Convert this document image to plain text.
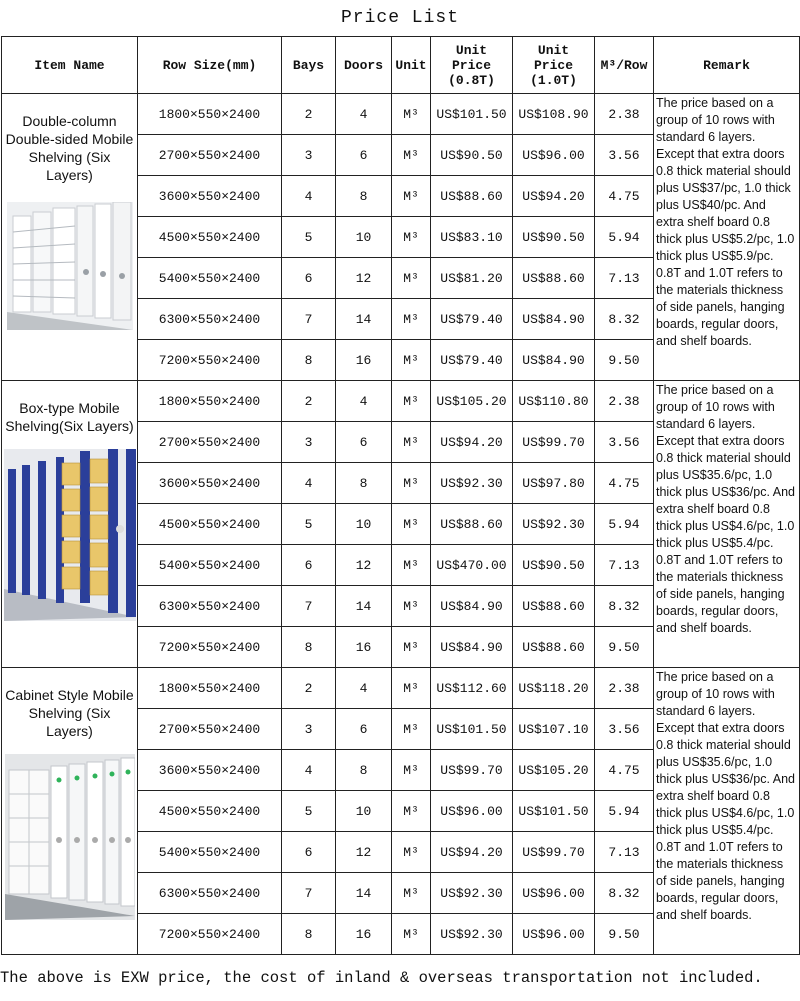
Price List
Item Name	Row Size(mm)	Bays	Doors	Unit	Unit
Price
(0.8T)	Unit
Price
(1.0T)	M³/Row	Remark

Double-column Double-sided Mobile Shelving (Six Layers)	1800×550×2400	2	4	M³	US$101.50	US$108.90	2.38	The price based on a group of 10 rows with standard 6 layers. Except that extra doors 0.8 thick material should plus US$37/pc, 1.0 thick plus US$40/pc. And extra shelf board 0.8 thick plus US$5.2/pc, 1.0 thick plus US$5.9/pc. 0.8T and 1.0T refers to the materials thickness of side panels, hanging boards, regular doors, and shelf boards.
	2700×550×2400	3	6	M³	US$90.50	US$96.00	3.56	
	3600×550×2400	4	8	M³	US$88.60	US$94.20	4.75	
	4500×550×2400	5	10	M³	US$83.10	US$90.50	5.94	
	5400×550×2400	6	12	M³	US$81.20	US$88.60	7.13	
	6300×550×2400	7	14	M³	US$79.40	US$84.90	8.32	
	7200×550×2400	8	16	M³	US$79.40	US$84.90	9.50	

Box-type Mobile Shelving(Six Layers)	1800×550×2400	2	4	M³	US$105.20	US$110.80	2.38	The price based on a group of 10 rows with standard 6 layers. Except that extra doors 0.8 thick material should plus US$35.6/pc, 1.0 thick plus US$36/pc. And extra shelf board 0.8 thick plus US$4.6/pc, 1.0 thick plus US$5.4/pc. 0.8T and 1.0T refers to the materials thickness of side panels, hanging boards, regular doors, and shelf boards.
	2700×550×2400	3	6	M³	US$94.20	US$99.70	3.56	
	3600×550×2400	4	8	M³	US$92.30	US$97.80	4.75	
	4500×550×2400	5	10	M³	US$88.60	US$92.30	5.94	
	5400×550×2400	6	12	M³	US$470.00	US$90.50	7.13	
	6300×550×2400	7	14	M³	US$84.90	US$88.60	8.32	
	7200×550×2400	8	16	M³	US$84.90	US$88.60	9.50	

Cabinet Style Mobile Shelving (Six Layers)	1800×550×2400	2	4	M³	US$112.60	US$118.20	2.38	The price based on a group of 10 rows with standard 6 layers. Except that extra doors 0.8 thick material should plus US$35.6/pc, 1.0 thick plus US$36/pc. And extra shelf board 0.8 thick plus US$4.6/pc, 1.0 thick plus US$5.4/pc. 0.8T and 1.0T refers to the materials thickness of side panels, hanging boards, regular doors, and shelf boards.
	2700×550×2400	3	6	M³	US$101.50	US$107.10	3.56	
	3600×550×2400	4	8	M³	US$99.70	US$105.20	4.75	
	4500×550×2400	5	10	M³	US$96.00	US$101.50	5.94	
	5400×550×2400	6	12	M³	US$94.20	US$99.70	7.13	
	6300×550×2400	7	14	M³	US$92.30	US$96.00	8.32	
	7200×550×2400	8	16	M³	US$92.30	US$96.00	9.50	
The above is EXW price, the cost of inland & overseas transportation not included.
